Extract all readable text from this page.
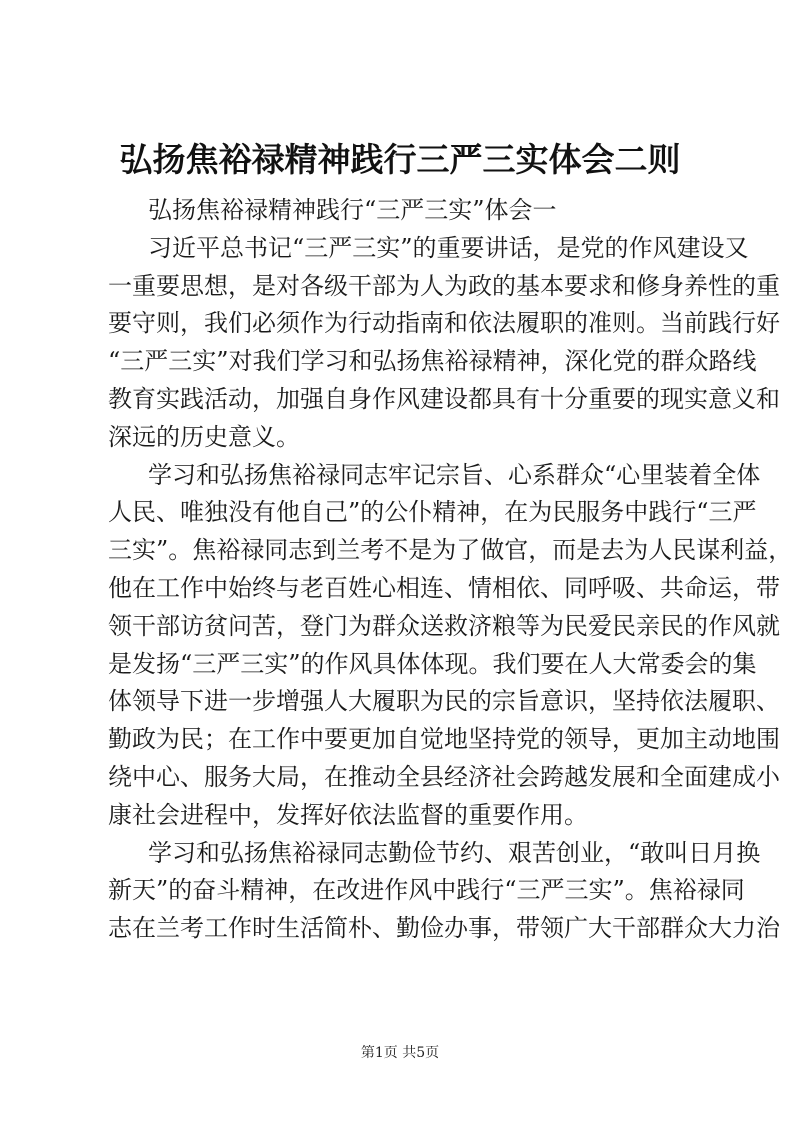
弘扬焦裕禄精神践行三严三实体会二则
弘扬焦裕禄精神践行“三严三实”体会一
习近平总书记“三严三实”的重要讲话，是党的作风建设又
一重要思想，是对各级干部为人为政的基本要求和修身养性的重
要守则，我们必须作为行动指南和依法履职的准则。当前践行好
“三严三实”对我们学习和弘扬焦裕禄精神，深化党的群众路线
教育实践活动，加强自身作风建设都具有十分重要的现实意义和
深远的历史意义。
学习和弘扬焦裕禄同志牢记宗旨、心系群众“心里装着全体
人民、唯独没有他自己”的公仆精神，在为民服务中践行“三严
三实”。焦裕禄同志到兰考不是为了做官，而是去为人民谋利益，
他在工作中始终与老百姓心相连、情相依、同呼吸、共命运，带
领干部访贫问苦，登门为群众送救济粮等为民爱民亲民的作风就
是发扬“三严三实”的作风具体体现。我们要在人大常委会的集
体领导下进一步增强人大履职为民的宗旨意识，坚持依法履职、
勤政为民；在工作中要更加自觉地坚持党的领导，更加主动地围
绕中心、服务大局，在推动全县经济社会跨越发展和全面建成小
康社会进程中，发挥好依法监督的重要作用。
学习和弘扬焦裕禄同志勤俭节约、艰苦创业，“敢叫日月换
新天”的奋斗精神，在改进作风中践行“三严三实”。焦裕禄同
志在兰考工作时生活简朴、勤俭办事，带领广大干部群众大力治
第1页 共5页
